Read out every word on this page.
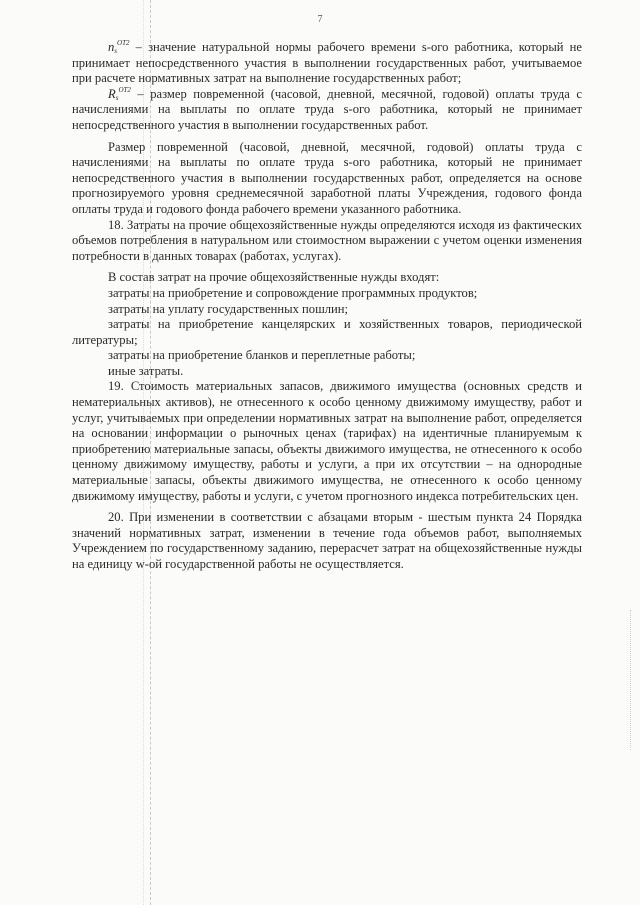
7

$n_s^{ОТ2}$ – значение натуральной нормы рабочего времени s-ого работника, который не принимает непосредственного участия в выполнении государственных работ, учитываемое при расчете нормативных затрат на выполнение государственных работ;

$R_s^{ОТ2}$ – размер повременной (часовой, дневной, месячной, годовой) оплаты труда с начислениями на выплаты по оплате труда s-ого работника, который не принимает непосредственного участия в выполнении государственных работ.

Размер повременной (часовой, дневной, месячной, годовой) оплаты труда с начислениями на выплаты по оплате труда s-ого работника, который не принимает непосредственного участия в выполнении государственных работ, определяется на основе прогнозируемого уровня среднемесячной заработной платы Учреждения, годового фонда оплаты труда и годового фонда рабочего времени указанного работника.

18. Затраты на прочие общехозяйственные нужды определяются исходя из фактических объемов потребления в натуральном или стоимостном выражении с учетом оценки изменения потребности в данных товарах (работах, услугах).

В состав затрат на прочие общехозяйственные нужды входят:

затраты на приобретение и сопровождение программных продуктов;

затраты на уплату государственных пошлин;

затраты на приобретение канцелярских и хозяйственных товаров, периодической литературы;

затраты на приобретение бланков и переплетные работы;

иные затраты.

19. Стоимость материальных запасов, движимого имущества (основных средств и нематериальных активов), не отнесенного к особо ценному движимому имуществу, работ и услуг, учитываемых при определении нормативных затрат на выполнение работ, определяется на основании информации о рыночных ценах (тарифах) на идентичные планируемым к приобретению материальные запасы, объекты движимого имущества, не отнесенного к особо ценному движимому имуществу, работы и услуги, а при их отсутствии – на однородные материальные запасы, объекты движимого имущества, не отнесенного к особо ценному движимому имуществу, работы и услуги, с учетом прогнозного индекса потребительских цен.

20. При изменении в соответствии с абзацами вторым - шестым пункта 24 Порядка значений нормативных затрат, изменении в течение года объемов работ, выполняемых Учреждением по государственному заданию, перерасчет затрат на общехозяйственные нужды на единицу w-ой государственной работы не осуществляется.
